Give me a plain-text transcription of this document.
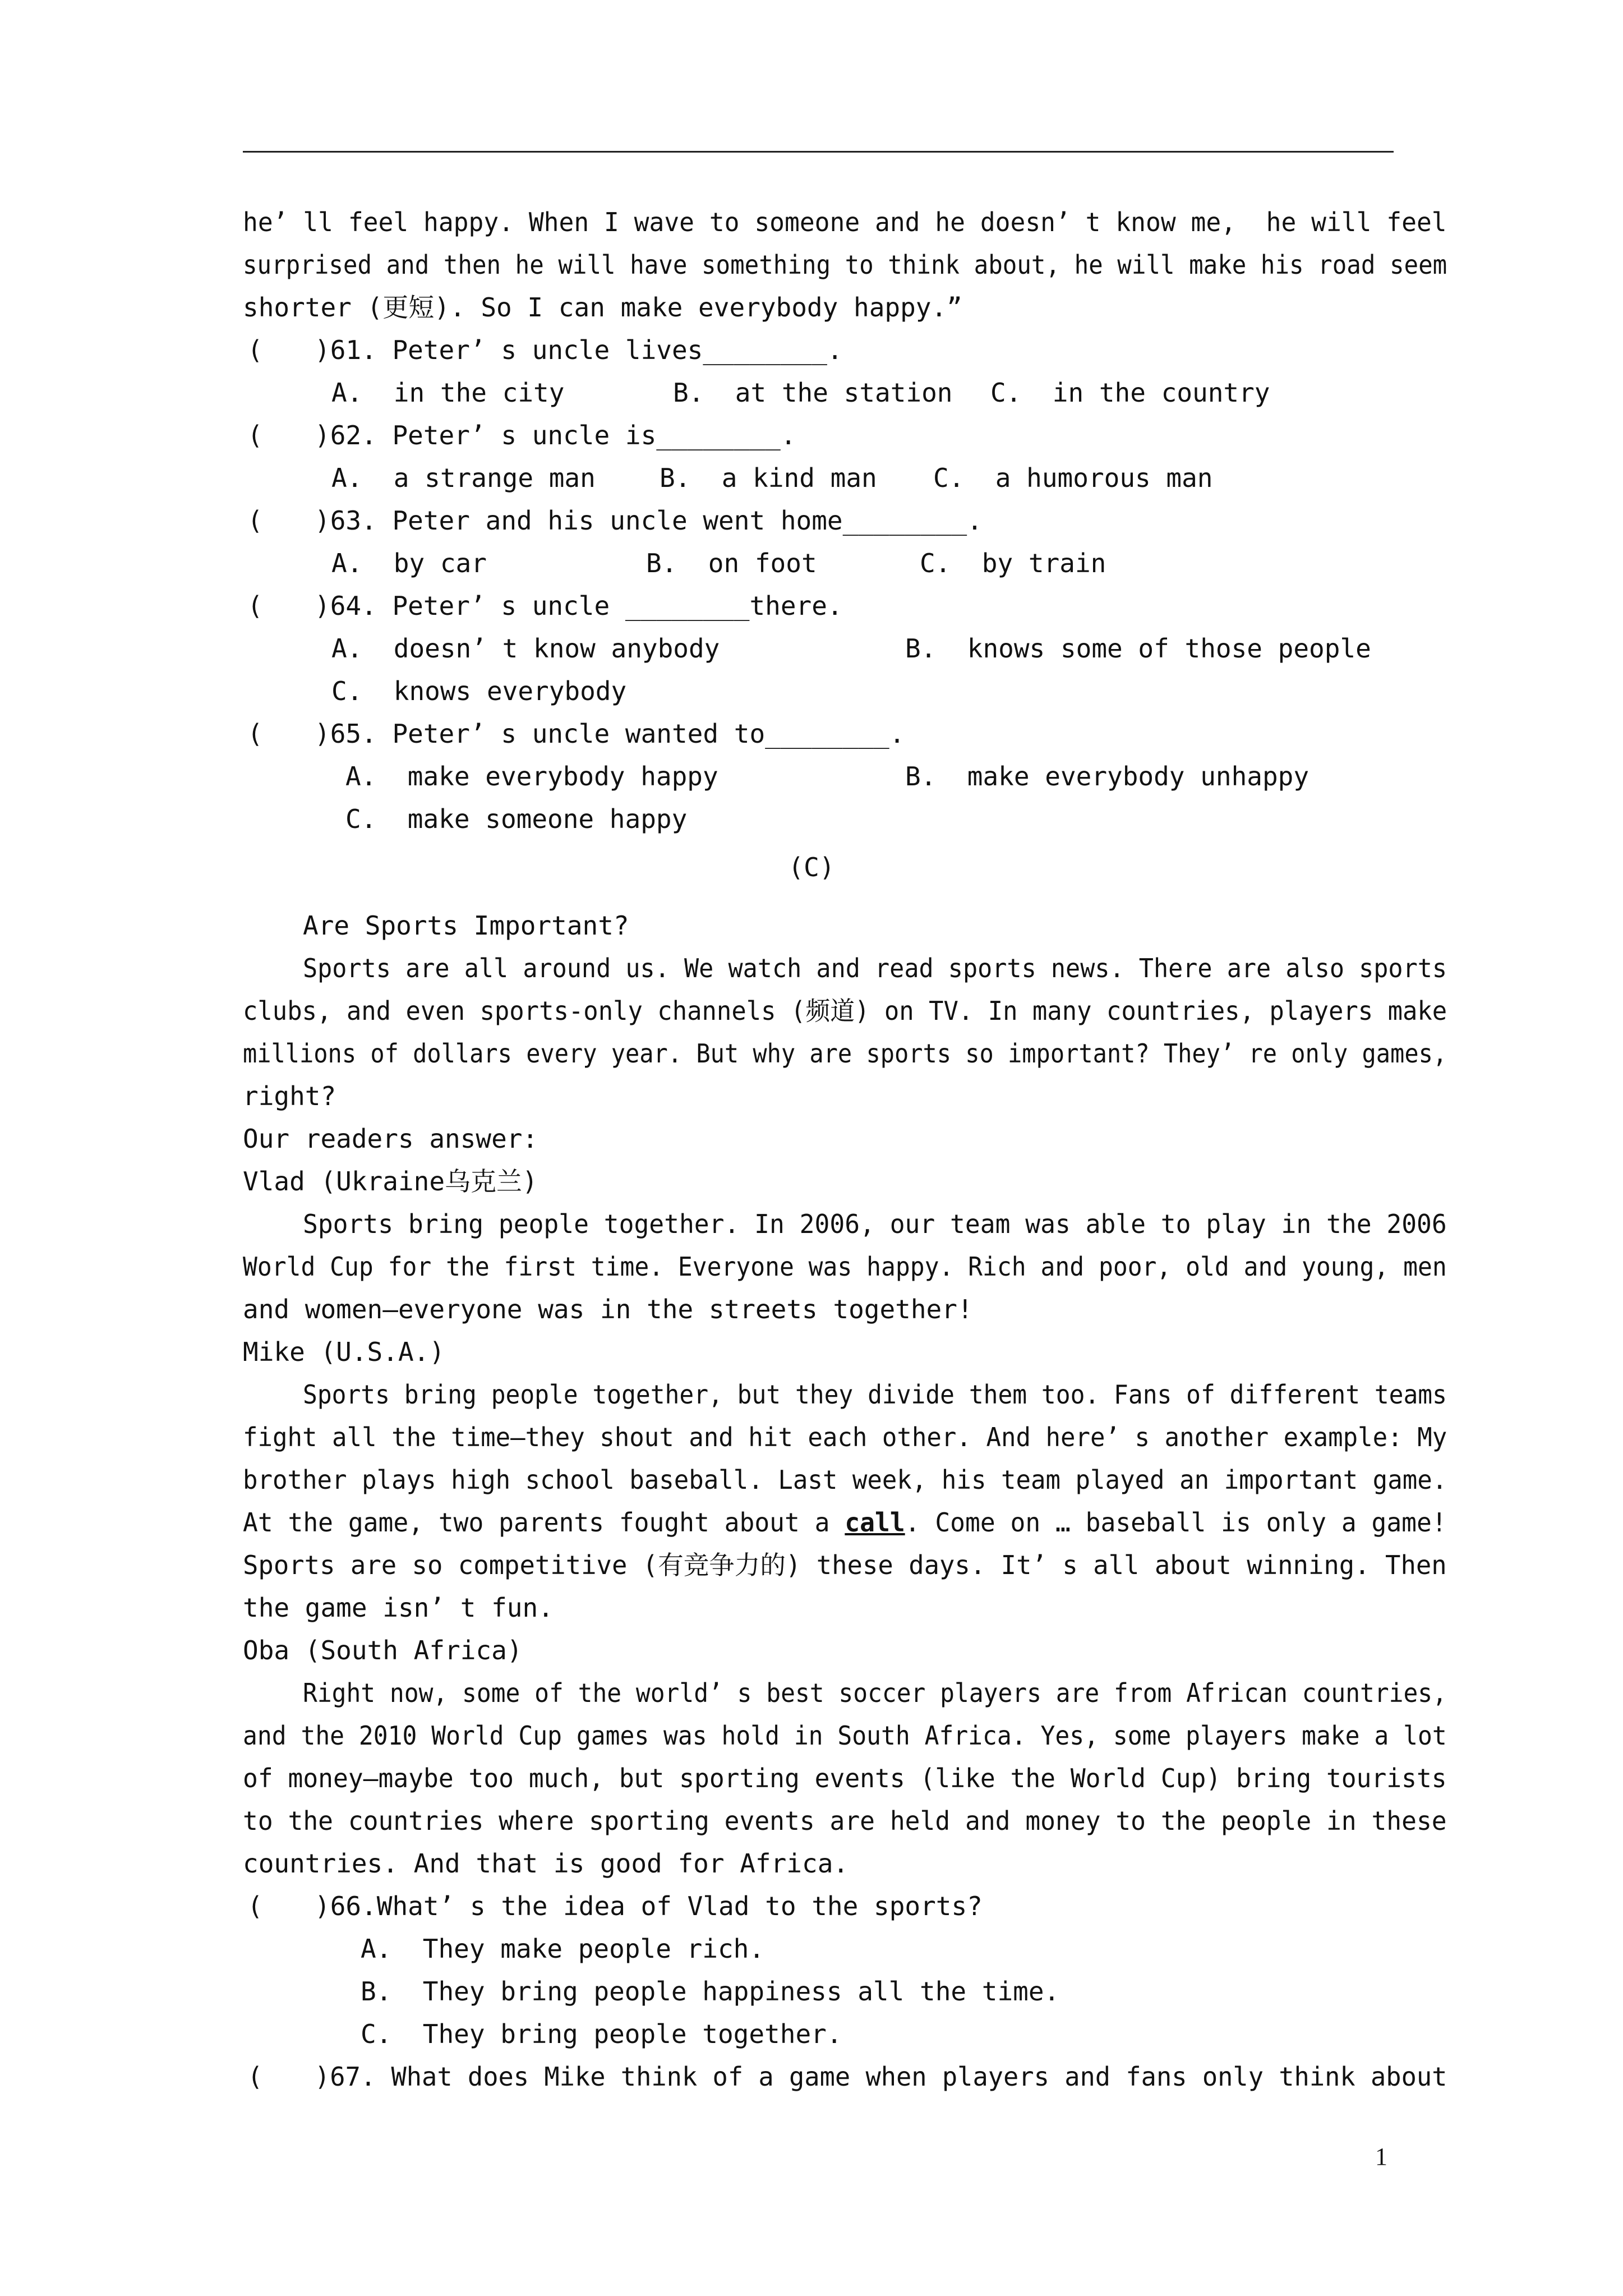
he’ ll feel happy. When I wave to someone and he doesn’ t know me,  he will feel
surprised and then he will have something to think about, he will make his road seem
shorter (更短). So I can make everybody happy.”
( )61. Peter’ s uncle lives________.
A.  in the city	B.  at the station C.  in the country
( )62. Peter’ s uncle is________.
A.  a strange man B.  a kind man C.  a humorous man
( )63. Peter and his uncle went home________.
A.  by car	B.  on foot	C.  by train
( )64. Peter’ s uncle ________there.
A.  doesn’ t know anybody	B.  knows some of those people
C.  knows everybody
( )65. Peter’ s uncle wanted to________.
A.  make everybody happy	B.  make everybody unhappy
C.  make someone happy
(C)
Are Sports Important?
Sports are all around us. We watch and read sports news. There are also sports
clubs, and even sports-only channels (频道) on TV. In many countries, players make
millions of dollars every year. But why are sports so important? They’ re only games,
right?
Our readers answer:
Vlad (Ukraine乌克兰)
Sports bring people together. In 2006, our team was able to play in the 2006
World Cup for the first time. Everyone was happy. Rich and poor, old and young, men
and women—everyone was in the streets together!
Mike (U.S.A.)
Sports bring people together, but they divide them too. Fans of different teams
fight all the time—they shout and hit each other. And here’ s another example: My
brother plays high school baseball. Last week, his team played an important game.
At the game, two parents fought about a call. Come on … baseball is only a game!
Sports are so competitive (有竞争力的) these days. It’ s all about winning. Then
the game isn’ t fun.
Oba (South Africa)
Right now, some of the world’ s best soccer players are from African countries,
and the 2010 World Cup games was hold in South Africa. Yes, some players make a lot
of money—maybe too much, but sporting events (like the World Cup) bring tourists
to the countries where sporting events are held and money to the people in these
countries. And that is good for Africa.
( )66.What’ s the idea of Vlad to the sports?
A.  They make people rich.
B.  They bring people happiness all the time.
C.  They bring people together.
( )67. What does Mike think of a game when players and fans only think about
1
